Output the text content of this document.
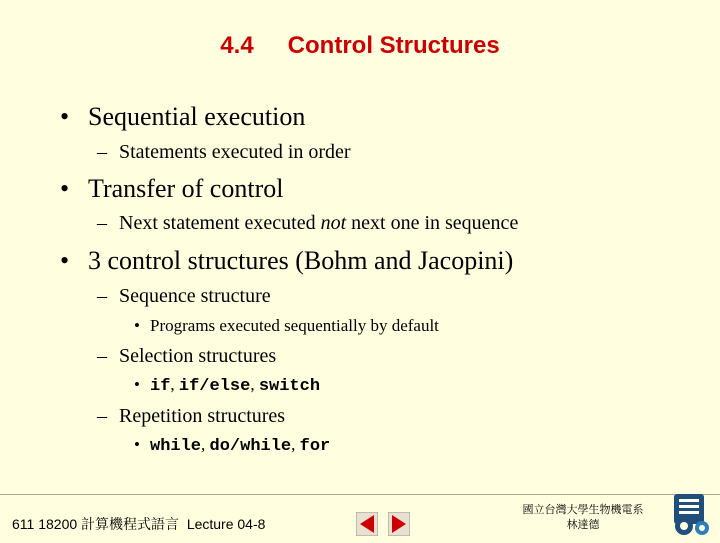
4.4 Control Structures
• Sequential execution
– Statements executed in order
• Transfer of control
– Next statement executed not next one in sequence
• 3 control structures (Bohm and Jacopini)
– Sequence structure
• Programs executed sequentially by default
– Selection structures
• if, if/else, switch
– Repetition structures
• while, do/while, for
611 18200 計算機程式語言 Lecture 04-8
國立台灣大學生物機電系
林達德
